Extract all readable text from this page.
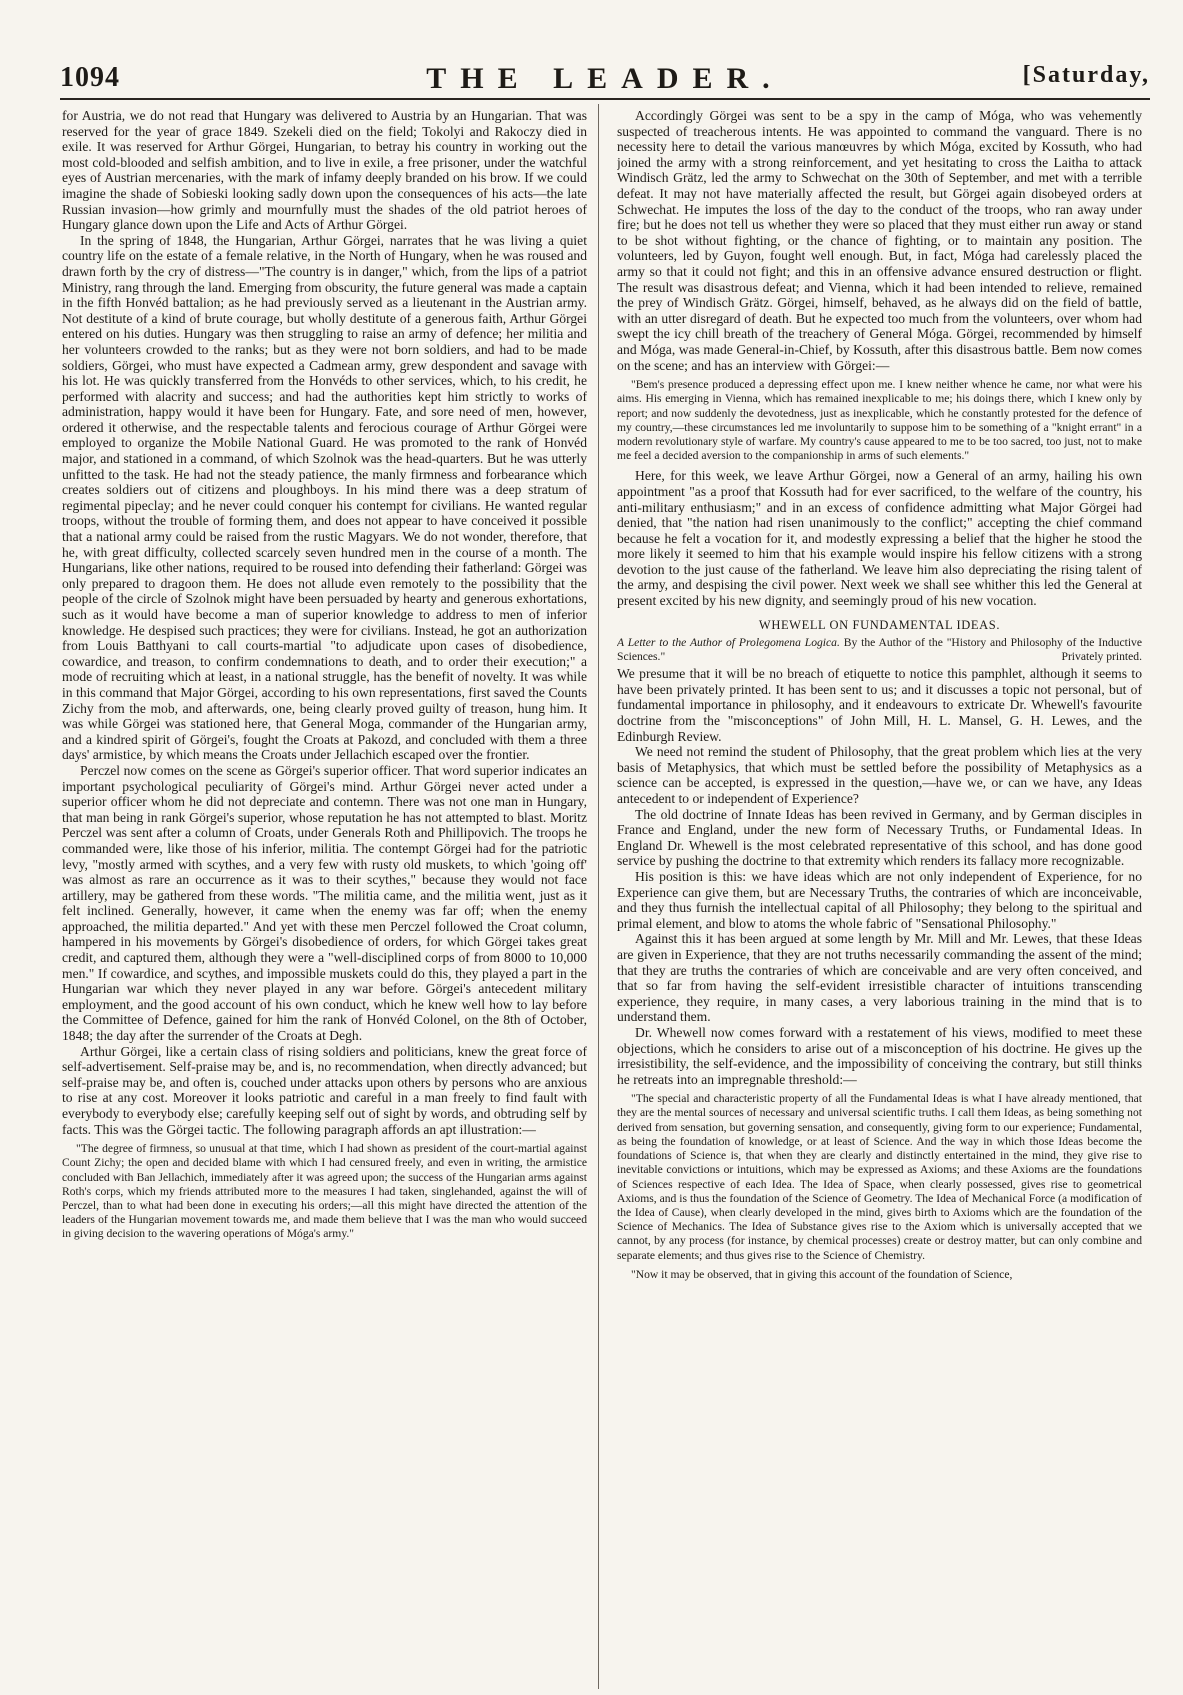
1094	THE LEADER.	[Saturday,

for Austria, we do not read that Hungary was delivered to Austria by an Hungarian. That was reserved for the year of grace 1849. Szekeli died on the field; Tokolyi and Rakoczy died in exile. It was reserved for Arthur Görgei, Hungarian, to betray his country in working out the most cold-blooded and selfish ambition, and to live in exile, a free prisoner, under the watchful eyes of Austrian mercenaries, with the mark of infamy deeply branded on his brow. If we could imagine the shade of Sobieski looking sadly down upon the consequences of his acts—the late Russian invasion—how grimly and mournfully must the shades of the old patriot heroes of Hungary glance down upon the Life and Acts of Arthur Görgei.

In the spring of 1848, the Hungarian, Arthur Görgei, narrates that he was living a quiet country life on the estate of a female relative, in the North of Hungary, when he was roused and drawn forth by the cry of distress—"The country is in danger," which, from the lips of a patriot Ministry, rang through the land. Emerging from obscurity, the future general was made a captain in the fifth Honvéd battalion; as he had previously served as a lieutenant in the Austrian army. Not destitute of a kind of brute courage, but wholly destitute of a generous faith, Arthur Görgei entered on his duties. Hungary was then struggling to raise an army of defence; her militia and her volunteers crowded to the ranks; but as they were not born soldiers, and had to be made soldiers, Görgei, who must have expected a Cadmean army, grew despondent and savage with his lot. He was quickly transferred from the Honvéds to other services, which, to his credit, he performed with alacrity and success; and had the authorities kept him strictly to works of administration, happy would it have been for Hungary. Fate, and sore need of men, however, ordered it otherwise, and the respectable talents and ferocious courage of Arthur Görgei were employed to organize the Mobile National Guard. He was promoted to the rank of Honvéd major, and stationed in a command, of which Szolnok was the head-quarters. But he was utterly unfitted to the task. He had not the steady patience, the manly firmness and forbearance which creates soldiers out of citizens and ploughboys. In his mind there was a deep stratum of regimental pipeclay; and he never could conquer his contempt for civilians. He wanted regular troops, without the trouble of forming them, and does not appear to have conceived it possible that a national army could be raised from the rustic Magyars. We do not wonder, therefore, that he, with great difficulty, collected scarcely seven hundred men in the course of a month. The Hungarians, like other nations, required to be roused into defending their fatherland: Görgei was only prepared to dragoon them. He does not allude even remotely to the possibility that the people of the circle of Szolnok might have been persuaded by hearty and generous exhortations, such as it would have become a man of superior knowledge to address to men of inferior knowledge. He despised such practices; they were for civilians. Instead, he got an authorization from Louis Batthyani to call courts-martial "to adjudicate upon cases of disobedience, cowardice, and treason, to confirm condemnations to death, and to order their execution;" a mode of recruiting which at least, in a national struggle, has the benefit of novelty. It was while in this command that Major Görgei, according to his own representations, first saved the Counts Zichy from the mob, and afterwards, one, being clearly proved guilty of treason, hung him. It was while Görgei was stationed here, that General Moga, commander of the Hungarian army, and a kindred spirit of Görgei's, fought the Croats at Pakozd, and concluded with them a three days' armistice, by which means the Croats under Jellachich escaped over the frontier.

Perczel now comes on the scene as Görgei's superior officer. That word superior indicates an important psychological peculiarity of Görgei's mind. Arthur Görgei never acted under a superior officer whom he did not depreciate and contemn. There was not one man in Hungary, that man being in rank Görgei's superior, whose reputation he has not attempted to blast. Moritz Perczel was sent after a column of Croats, under Generals Roth and Phillipovich. The troops he commanded were, like those of his inferior, militia. The contempt Görgei had for the patriotic levy, "mostly armed with scythes, and a very few with rusty old muskets, to which 'going off' was almost as rare an occurrence as it was to their scythes," because they would not face artillery, may be gathered from these words. "The militia came, and the militia went, just as it felt inclined. Generally, however, it came when the enemy was far off; when the enemy approached, the militia departed." And yet with these men Perczel followed the Croat column, hampered in his movements by Görgei's disobedience of orders, for which Görgei takes great credit, and captured them, although they were a "well-disciplined corps of from 8000 to 10,000 men." If cowardice, and scythes, and impossible muskets could do this, they played a part in the Hungarian war which they never played in any war before. Görgei's antecedent military employment, and the good account of his own conduct, which he knew well how to lay before the Committee of Defence, gained for him the rank of Honvéd Colonel, on the 8th of October, 1848; the day after the surrender of the Croats at Degh.

Arthur Görgei, like a certain class of rising soldiers and politicians, knew the great force of self-advertisement. Self-praise may be, and is, no recommendation, when directly advanced; but self-praise may be, and often is, couched under attacks upon others by persons who are anxious to rise at any cost. Moreover it looks patriotic and careful in a man freely to find fault with everybody to everybody else; carefully keeping self out of sight by words, and obtruding self by facts. This was the Görgei tactic. The following paragraph affords an apt illustration:—

"The degree of firmness, so unusual at that time, which I had shown as president of the court-martial against Count Zichy; the open and decided blame with which I had censured freely, and even in writing, the armistice concluded with Ban Jellachich, immediately after it was agreed upon; the success of the Hungarian arms against Roth's corps, which my friends attributed more to the measures I had taken, singlehanded, against the will of Perczel, than to what had been done in executing his orders;—all this might have directed the attention of the leaders of the Hungarian movement towards me, and made them believe that I was the man who would succeed in giving decision to the wavering operations of Móga's army."

Accordingly Görgei was sent to be a spy in the camp of Móga, who was vehemently suspected of treacherous intents. He was appointed to command the vanguard. There is no necessity here to detail the various manœuvres by which Móga, excited by Kossuth, who had joined the army with a strong reinforcement, and yet hesitating to cross the Laitha to attack Windisch Grätz, led the army to Schwechat on the 30th of September, and met with a terrible defeat. It may not have materially affected the result, but Görgei again disobeyed orders at Schwechat. He imputes the loss of the day to the conduct of the troops, who ran away under fire; but he does not tell us whether they were so placed that they must either run away or stand to be shot without fighting, or the chance of fighting, or to maintain any position. The volunteers, led by Guyon, fought well enough. But, in fact, Móga had carelessly placed the army so that it could not fight; and this in an offensive advance ensured destruction or flight. The result was disastrous defeat; and Vienna, which it had been intended to relieve, remained the prey of Windisch Grätz. Görgei, himself, behaved, as he always did on the field of battle, with an utter disregard of death. But he expected too much from the volunteers, over whom had swept the icy chill breath of the treachery of General Móga. Görgei, recommended by himself and Móga, was made General-in-Chief, by Kossuth, after this disastrous battle. Bem now comes on the scene; and has an interview with Görgei:—

"Bem's presence produced a depressing effect upon me. I knew neither whence he came, nor what were his aims. His emerging in Vienna, which has remained inexplicable to me; his doings there, which I knew only by report; and now suddenly the devotedness, just as inexplicable, which he constantly protested for the defence of my country,—these circumstances led me involuntarily to suppose him to be something of a "knight errant" in a modern revolutionary style of warfare. My country's cause appeared to me to be too sacred, too just, not to make me feel a decided aversion to the companionship in arms of such elements."

Here, for this week, we leave Arthur Görgei, now a General of an army, hailing his own appointment "as a proof that Kossuth had for ever sacrificed, to the welfare of the country, his anti-military enthusiasm;" and in an excess of confidence admitting what Major Görgei had denied, that "the nation had risen unanimously to the conflict;" accepting the chief command because he felt a vocation for it, and modestly expressing a belief that the higher he stood the more likely it seemed to him that his example would inspire his fellow citizens with a strong devotion to the just cause of the fatherland. We leave him also depreciating the rising talent of the army, and despising the civil power. Next week we shall see whither this led the General at present excited by his new dignity, and seemingly proud of his new vocation.

WHEWELL ON FUNDAMENTAL IDEAS.
A Letter to the Author of Prolegomena Logica. By the Author of the "History and Philosophy of the Inductive Sciences."	Privately printed.

We presume that it will be no breach of etiquette to notice this pamphlet, although it seems to have been privately printed. It has been sent to us; and it discusses a topic not personal, but of fundamental importance in philosophy, and it endeavours to extricate Dr. Whewell's favourite doctrine from the "misconceptions" of John Mill, H. L. Mansel, G. H. Lewes, and the Edinburgh Review.

We need not remind the student of Philosophy, that the great problem which lies at the very basis of Metaphysics, that which must be settled before the possibility of Metaphysics as a science can be accepted, is expressed in the question,—have we, or can we have, any Ideas antecedent to or independent of Experience?

The old doctrine of Innate Ideas has been revived in Germany, and by German disciples in France and England, under the new form of Necessary Truths, or Fundamental Ideas. In England Dr. Whewell is the most celebrated representative of this school, and has done good service by pushing the doctrine to that extremity which renders its fallacy more recognizable.

His position is this: we have ideas which are not only independent of Experience, for no Experience can give them, but are Necessary Truths, the contraries of which are inconceivable, and they thus furnish the intellectual capital of all Philosophy; they belong to the spiritual and primal element, and blow to atoms the whole fabric of "Sensational Philosophy."

Against this it has been argued at some length by Mr. Mill and Mr. Lewes, that these Ideas are given in Experience, that they are not truths necessarily commanding the assent of the mind; that they are truths the contraries of which are conceivable and are very often conceived, and that so far from having the self-evident irresistible character of intuitions transcending experience, they require, in many cases, a very laborious training in the mind that is to understand them.

Dr. Whewell now comes forward with a restatement of his views, modified to meet these objections, which he considers to arise out of a misconception of his doctrine. He gives up the irresistibility, the self-evidence, and the impossibility of conceiving the contrary, but still thinks he retreats into an impregnable threshold:—

"The special and characteristic property of all the Fundamental Ideas is what I have already mentioned, that they are the mental sources of necessary and universal scientific truths. I call them Ideas, as being something not derived from sensation, but governing sensation, and consequently, giving form to our experience; Fundamental, as being the foundation of knowledge, or at least of Science. And the way in which those Ideas become the foundations of Science is, that when they are clearly and distinctly entertained in the mind, they give rise to inevitable convictions or intuitions, which may be expressed as Axioms; and these Axioms are the foundations of Sciences respective of each Idea. The Idea of Space, when clearly possessed, gives rise to geometrical Axioms, and is thus the foundation of the Science of Geometry. The Idea of Mechanical Force (a modification of the Idea of Cause), when clearly developed in the mind, gives birth to Axioms which are the foundation of the Science of Mechanics. The Idea of Substance gives rise to the Axiom which is universally accepted that we cannot, by any process (for instance, by chemical processes) create or destroy matter, but can only combine and separate elements; and thus gives rise to the Science of Chemistry.
"Now it may be observed, that in giving this account of the foundation of Science,
